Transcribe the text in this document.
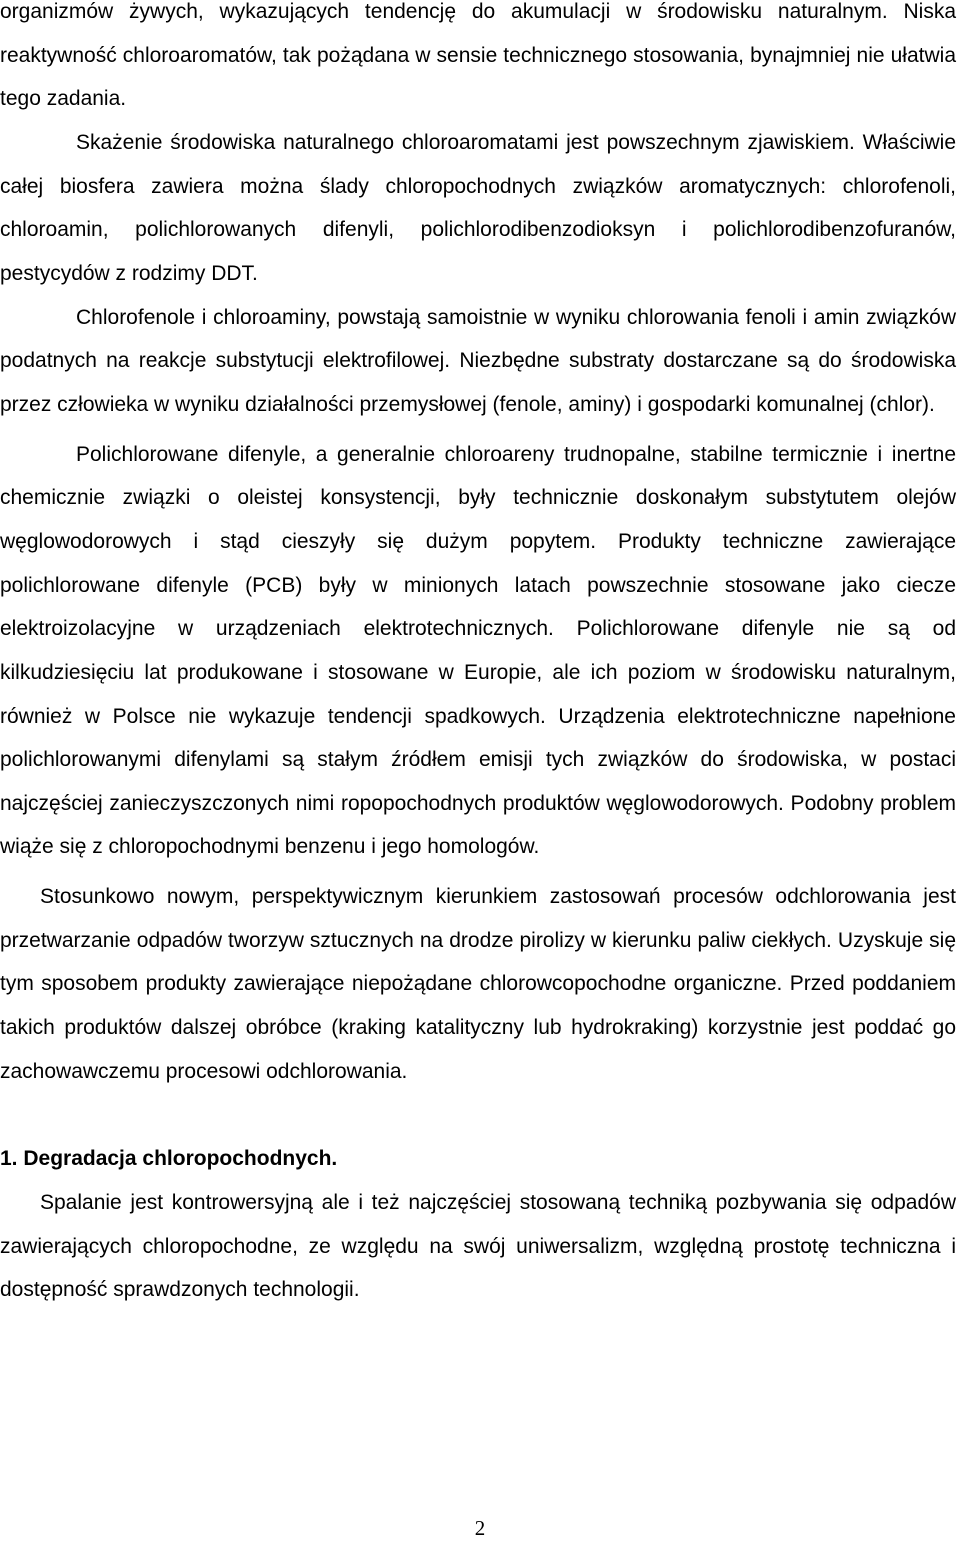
organizmów żywych, wykazujących tendencję do akumulacji w środowisku naturalnym. Niska reaktywność chloroaromatów, tak pożądana w sensie technicznego stosowania, bynajmniej nie ułatwia tego zadania.

Skażenie środowiska naturalnego chloroaromatami jest powszechnym zjawiskiem. Właściwie całej biosfera zawiera można ślady chloropochodnych związków aromatycznych: chlorofenoli, chloroamin, polichlorowanych difenyli, polichlorodibenzodioksyn i polichlorodibenzofuranów, pestycydów z rodzimy DDT.

Chlorofenole i chloroaminy, powstają samoistnie w wyniku chlorowania fenoli i amin związków podatnych na reakcje substytucji elektrofilowej. Niezbędne substraty dostarczane są do środowiska przez człowieka w wyniku działalności przemysłowej (fenole, aminy) i gospodarki komunalnej (chlor).

Polichlorowane difenyle, a generalnie chloroareny trudnopalne, stabilne termicznie i inertne chemicznie związki o oleistej konsystencji, były technicznie doskonałym substytutem olejów węglowodorowych i stąd cieszyły się dużym popytem. Produkty techniczne zawierające polichlorowane difenyle (PCB) były w minionych latach powszechnie stosowane jako ciecze elektroizolacyjne w urządzeniach elektrotechnicznych. Polichlorowane difenyle nie są od kilkudziesięciu lat produkowane i stosowane w Europie, ale ich poziom w środowisku naturalnym, również w Polsce nie wykazuje tendencji spadkowych. Urządzenia elektrotechniczne napełnione polichlorowanymi difenylami są stałym źródłem emisji tych związków do środowiska, w postaci najczęściej zanieczyszczonych nimi ropopochodnych produktów węglowodorowych. Podobny problem wiąże się z chloropochodnymi benzenu i jego homologów.

Stosunkowo nowym, perspektywicznym kierunkiem zastosowań procesów odchlorowania jest przetwarzanie odpadów tworzyw sztucznych na drodze pirolizy w kierunku paliw ciekłych. Uzyskuje się tym sposobem produkty zawierające niepożądane chlorowcopochodne organiczne. Przed poddaniem takich produktów dalszej obróbce (kraking katalityczny lub hydrokraking) korzystnie jest poddać go zachowawczemu procesowi odchlorowania.

1. Degradacja chloropochodnych.

Spalanie jest kontrowersyjną ale i też najczęściej stosowaną techniką pozbywania się odpadów zawierających chloropochodne, ze względu na swój uniwersalizm, względną prostotę techniczna i dostępność sprawdzonych technologii.

2
